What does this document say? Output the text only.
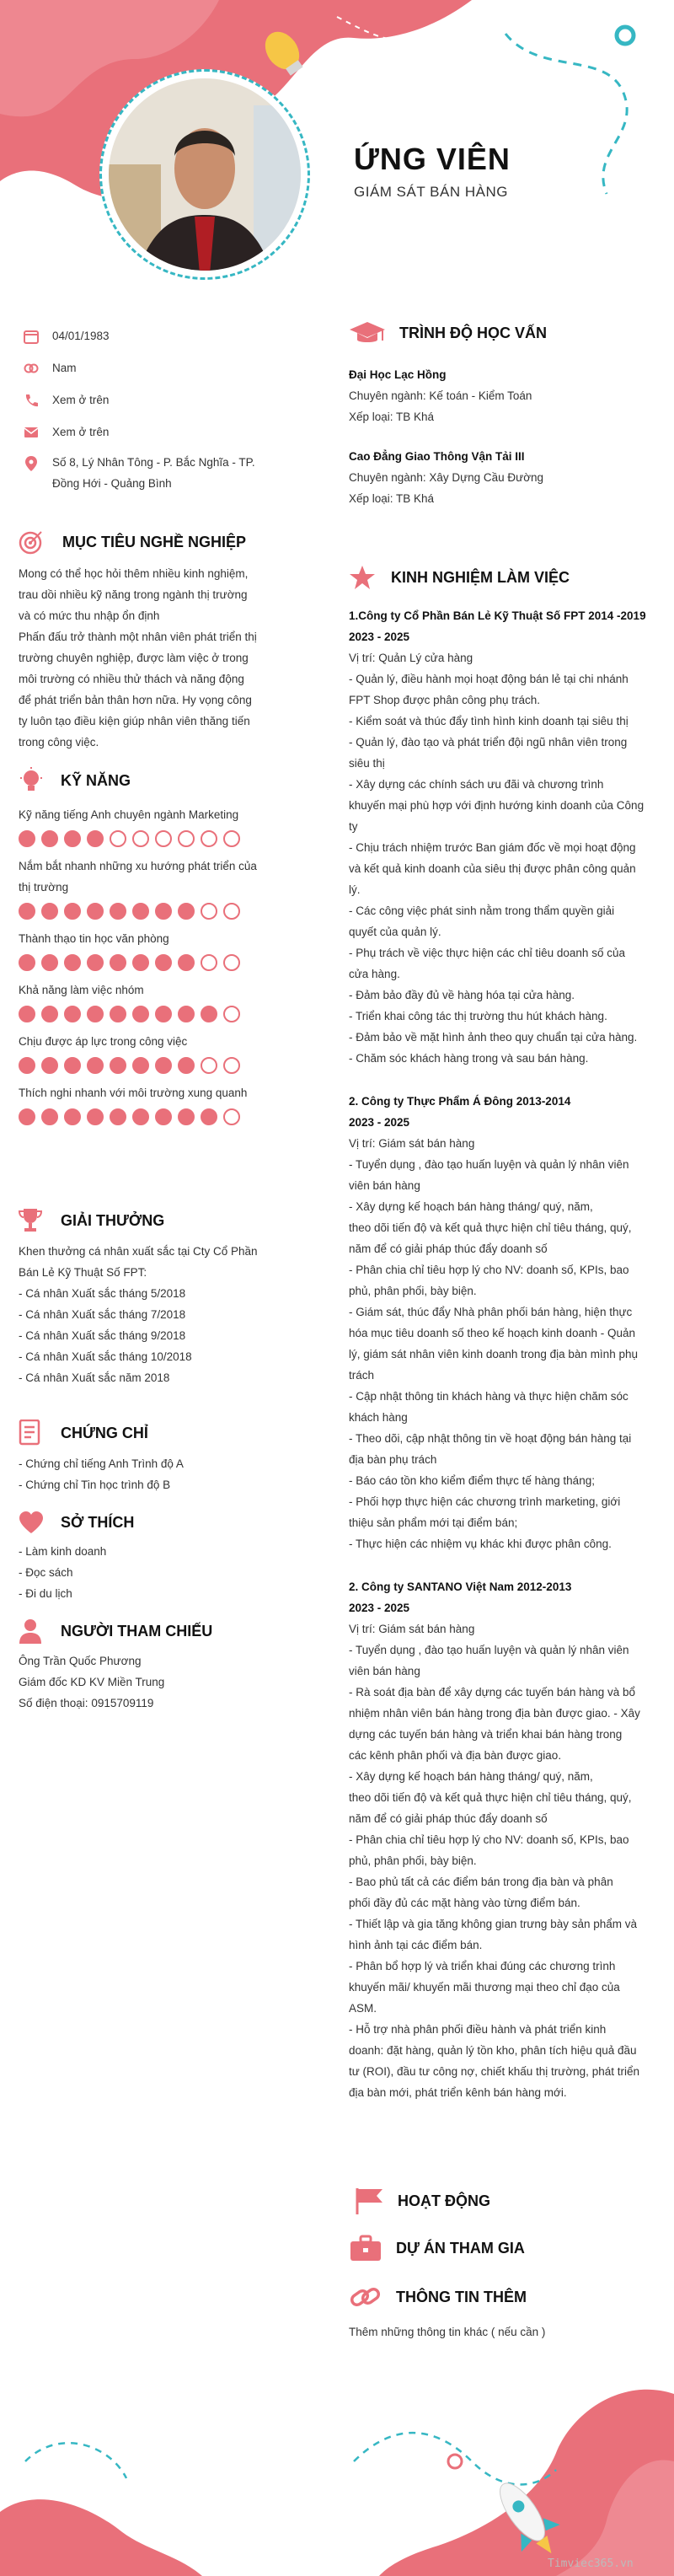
ỨNG VIÊN
GIÁM SÁT BÁN HÀNG
04/01/1983
Nam
Xem ở trên
Xem ở trên
Số 8, Lý Nhân Tông - P. Bắc Nghĩa - TP.
Đồng Hới - Quảng Bình
MỤC TIÊU NGHỀ NGHIỆP
Mong có thể học hỏi thêm nhiều kinh nghiệm,
trau dồi nhiều kỹ năng trong ngành thị trường
và có mức thu nhập ổn định
Phấn đấu trở thành một nhân viên phát triển thị
trường chuyên nghiệp, được làm việc ở trong
môi trường có nhiều thử thách và năng động
để phát triển bản thân hơn nữa. Hy vọng công
ty luôn tạo điều kiện giúp nhân viên thăng tiến
trong công việc.
KỸ NĂNG
Kỹ năng tiếng Anh chuyên ngành Marketing
Nắm bắt nhanh những xu hướng phát triển của
thị trường
Thành thạo tin học văn phòng
Khả năng làm việc nhóm
Chịu được áp lực trong công việc
Thích nghi nhanh với môi trường xung quanh
GIẢI THƯỞNG
Khen thưởng cá nhân xuất sắc tại Cty Cổ Phần
Bán Lẻ Kỹ Thuật Số FPT:
- Cá nhân Xuất sắc tháng 5/2018
- Cá nhân Xuất sắc tháng 7/2018
- Cá nhân Xuất sắc tháng 9/2018
- Cá nhân Xuất sắc tháng 10/2018
- Cá nhân Xuất sắc năm 2018
CHỨNG CHỈ
- Chứng chỉ tiếng Anh Trình độ A
- Chứng chỉ Tin học trình độ B
SỞ THÍCH
- Làm kinh doanh
- Đọc sách
- Đi du lịch
NGƯỜI THAM CHIẾU
Ông Trần Quốc Phương
Giám đốc KD KV Miền Trung
Số điện thoại: 0915709119
TRÌNH ĐỘ HỌC VẤN
Đại Học Lạc Hồng
Chuyên ngành: Kế toán - Kiểm Toán
Xếp loại: TB Khá
Cao Đẳng Giao Thông Vận Tải III
Chuyên ngành: Xây Dựng Cầu Đường
Xếp loại: TB Khá
KINH NGHIỆM LÀM VIỆC

1.Công ty Cổ Phần Bán Lẻ Kỹ Thuật Số FPT 2014 -2019

2023 - 2025

Vị trí: Quản Lý cửa hàng

- Quản lý, điều hành mọi hoạt động bán lẻ tại chi nhánh

FPT Shop được phân công phụ trách.

- Kiểm soát và thúc đẩy tình hình kinh doanh tại siêu thị

- Quản lý, đào tạo và phát triển đội ngũ nhân viên trong

siêu thị

- Xây dựng các chính sách ưu đãi và chương trình

khuyến mại phù hợp với định hướng kinh doanh của Công

ty

- Chịu trách nhiệm trước Ban giám đốc về mọi hoạt động

và kết quả kinh doanh của siêu thị được phân công quản

lý.

- Các công việc phát sinh nằm trong thẩm quyền giải

quyết của quản lý.

- Phụ trách về việc thực hiện các chỉ tiêu doanh số của

cửa hàng.

- Đảm bảo đầy đủ về hàng hóa tại cửa hàng.

- Triển khai công tác thị trường thu hút khách hàng.

- Đảm bảo về mặt hình ảnh theo quy chuẩn tại cửa hàng.

- Chăm sóc khách hàng trong và sau bán hàng.

2. Công ty Thực Phẩm Á Đông 2013-2014

2023 - 2025

Vị trí: Giám sát bán hàng

- Tuyển dụng , đào tạo huấn luyện và quản lý nhân viên

viên bán hàng

- Xây dựng kế hoạch bán hàng tháng/ quý, năm,

theo dõi tiến độ và kết quả thực hiện chỉ tiêu tháng, quý,

năm để có giải pháp thúc đẩy doanh số

- Phân chia chỉ tiêu hợp lý cho NV: doanh số, KPIs, bao

phủ, phân phối, bày biện.

- Giám sát, thúc đẩy Nhà phân phối bán hàng, hiện thực

hóa mục tiêu doanh số theo kế hoạch kinh doanh - Quản

lý, giám sát nhân viên kinh doanh trong địa bàn mình phụ

trách

- Cập nhật thông tin khách hàng và thực hiện chăm sóc

khách hàng

- Theo dõi, cập nhật thông tin về hoạt động bán hàng tại

địa bàn phụ trách

- Báo cáo tồn kho kiểm điểm thực tế hàng tháng;

- Phối hợp thực hiện các chương trình marketing, giới

thiệu sản phẩm mới tại điểm bán;

- Thực hiện các nhiệm vụ khác khi được phân công.

2. Công ty SANTANO Việt Nam 2012-2013

2023 - 2025

Vị trí: Giám sát bán hàng

- Tuyển dụng , đào tạo huấn luyện và quản lý nhân viên

viên bán hàng

- Rà soát địa bàn để xây dựng các tuyến bán hàng và bổ

nhiệm nhân viên bán hàng trong địa bàn được giao. - Xây

dựng các tuyến bán hàng và triển khai bán hàng trong

các kênh phân phối và địa bàn được giao.

- Xây dựng kế hoạch bán hàng tháng/ quý, năm,

theo dõi tiến độ và kết quả thực hiện chỉ tiêu tháng, quý,

năm để có giải pháp thúc đẩy doanh số

- Phân chia chỉ tiêu hợp lý cho NV: doanh số, KPIs, bao

phủ, phân phối, bày biện.

- Bao phủ tất cả các điểm bán trong địa bàn và phân

phối đầy đủ các mặt hàng vào từng điểm bán.

- Thiết lập và gia tăng không gian trưng bày sản phẩm và

hình ảnh tại các điểm bán.

- Phân bổ hợp lý và triển khai đúng các chương trình

khuyến mãi/ khuyến mãi thương mại theo chỉ đạo của

ASM.

- Hỗ trợ nhà phân phối điều hành và phát triển kinh

doanh: đặt hàng, quản lý tồn kho, phân tích hiệu quả đầu

tư (ROI), đầu tư công nợ, chiết khấu thị trường, phát triển

địa bàn mới, phát triển kênh bán hàng mới.

HOẠT ĐỘNG
DỰ ÁN THAM GIA
THÔNG TIN THÊM
Thêm những thông tin khác ( nếu cần )
Timviec365.vn
